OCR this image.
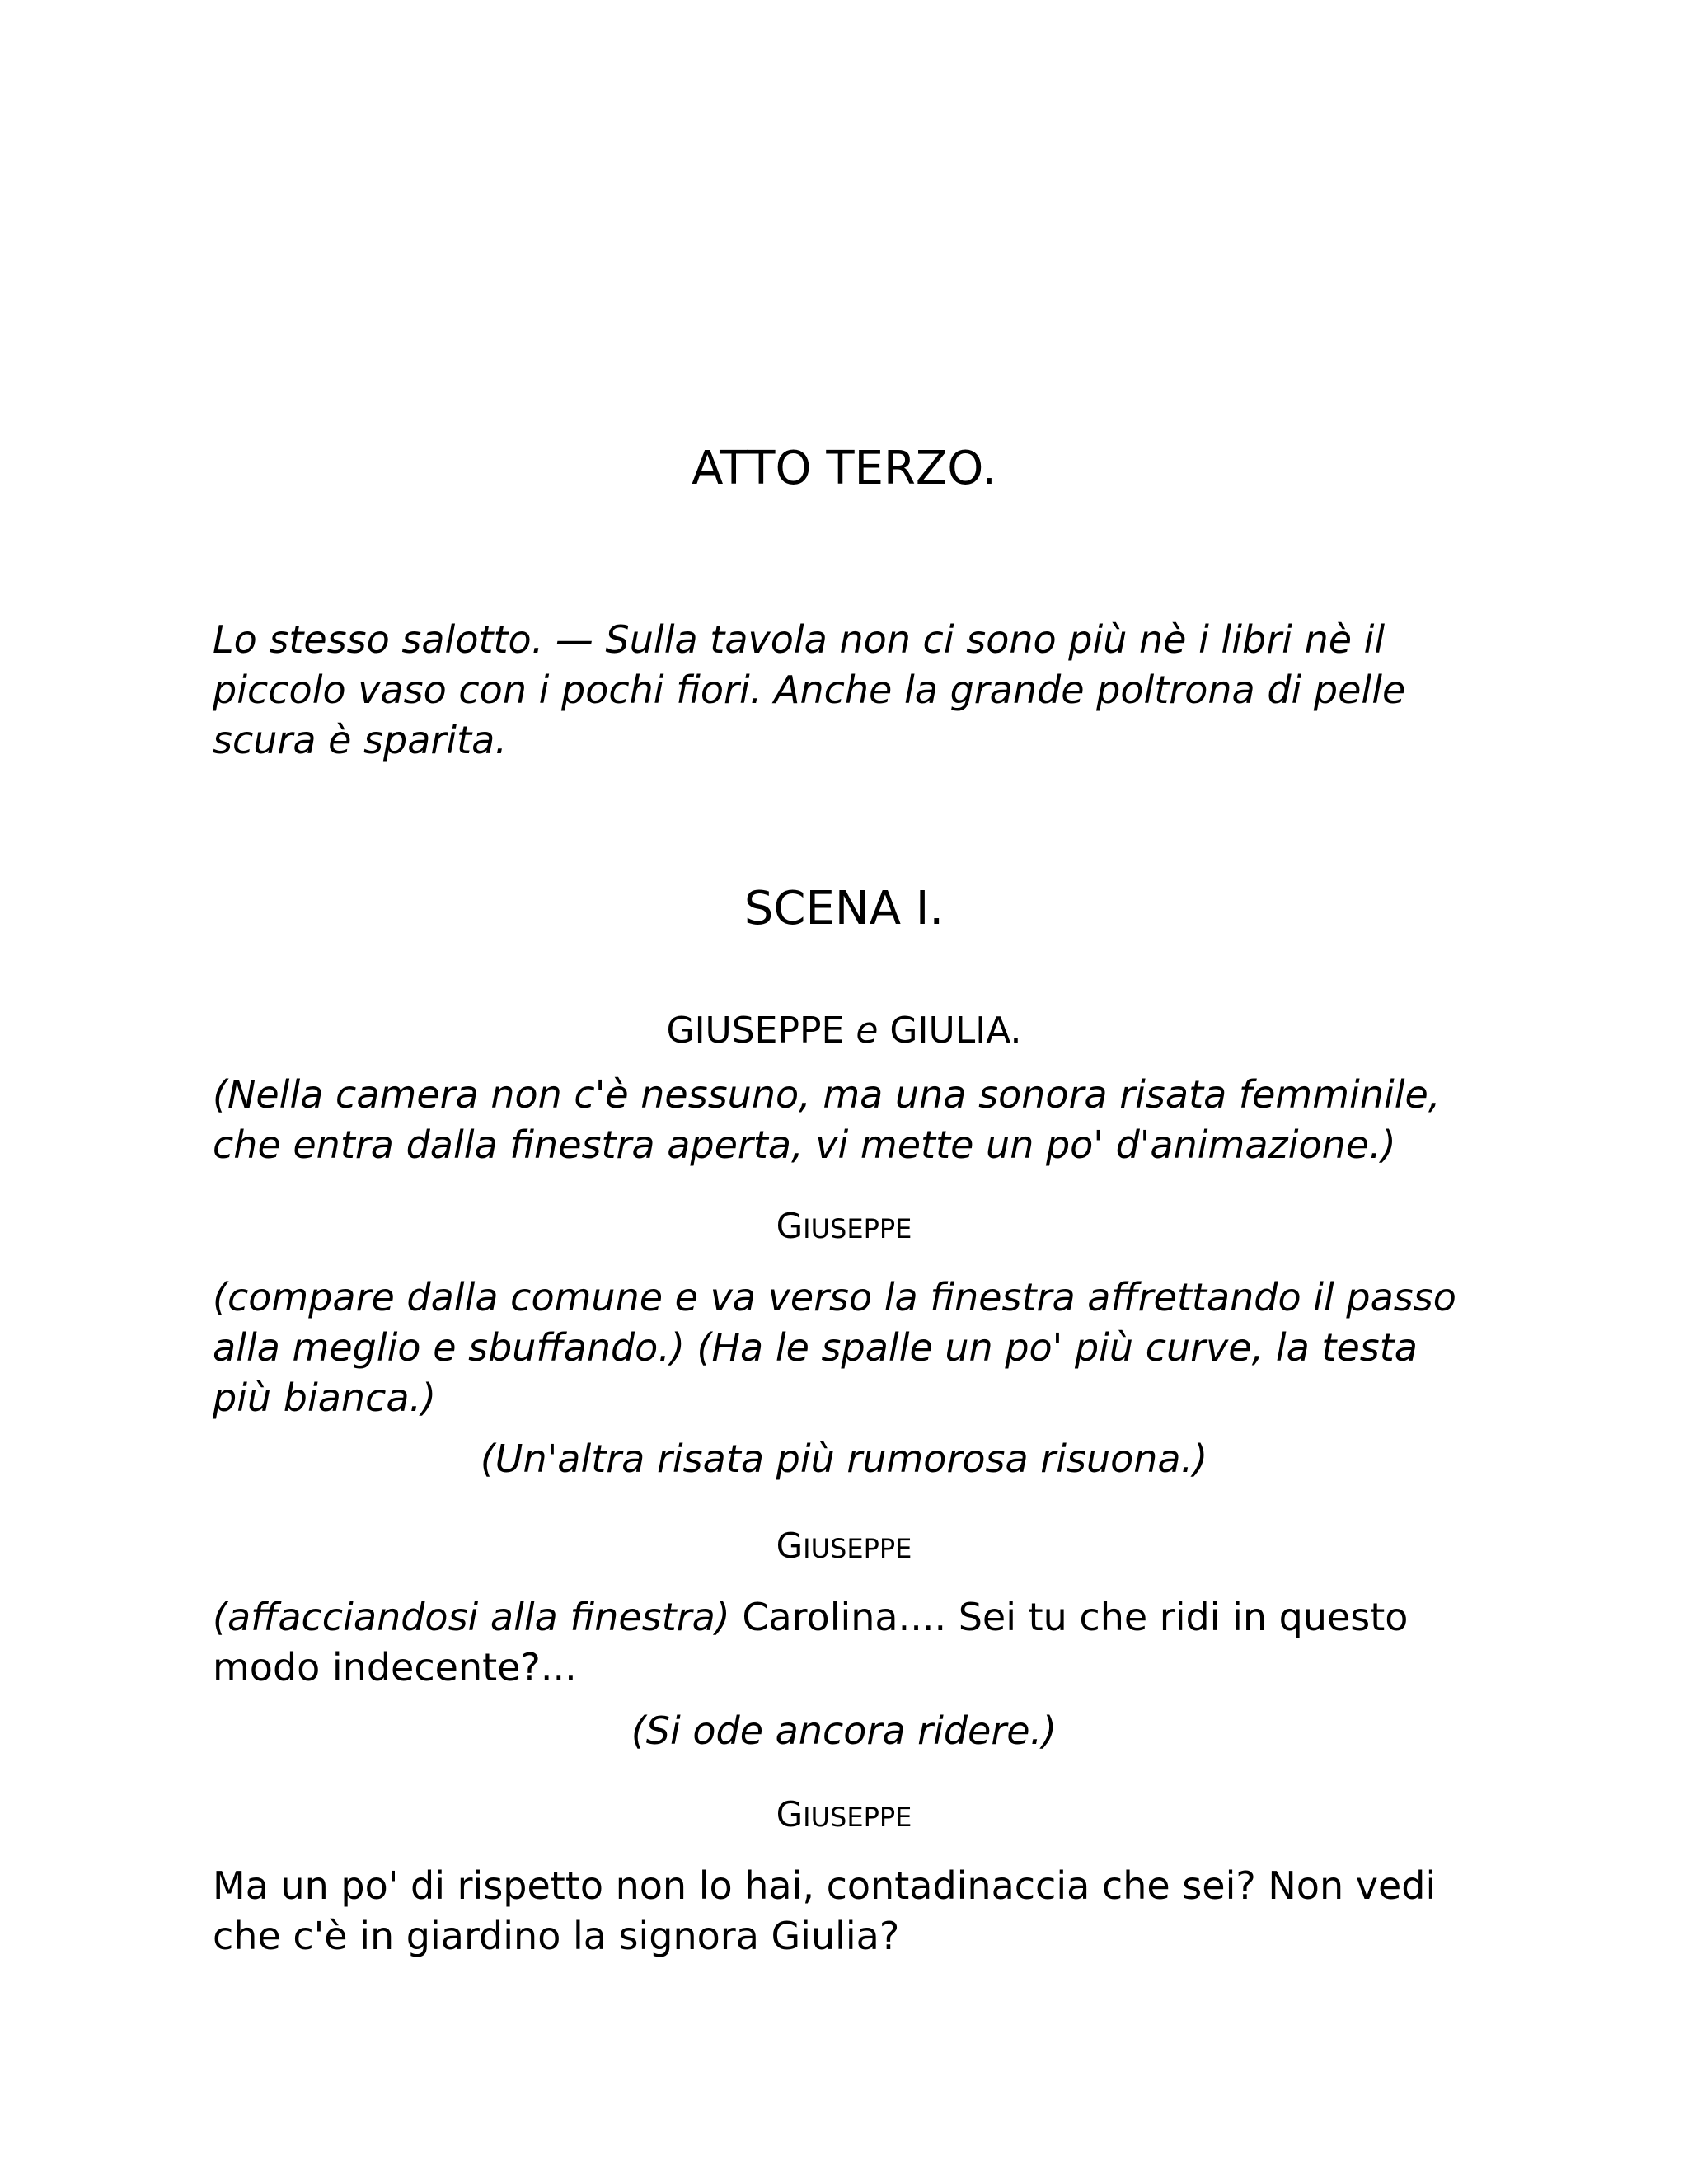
ATTO TERZO.

Lo stesso salotto. — Sulla tavola non ci sono più nè i libri nè il piccolo vaso con i pochi fiori. Anche la grande poltrona di pelle scura è sparita.

SCENA I.
GIUSEPPE e GIULIA.

(Nella camera non c'è nessuno, ma una sonora risata femminile, che entra dalla finestra aperta, vi mette un po' d'animazione.)

GIUSEPPE

(compare dalla comune e va verso la finestra affrettando il passo alla meglio e sbuffando.) (Ha le spalle un po' più curve, la testa più bianca.)

(Un'altra risata più rumorosa risuona.)
GIUSEPPE

(affacciandosi alla finestra) Carolina.... Sei tu che ridi in questo modo indecente?...

(Si ode ancora ridere.)
GIUSEPPE

Ma un po' di rispetto non lo hai, contadinaccia che sei? Non vedi che c'è in giardino la signora Giulia?
